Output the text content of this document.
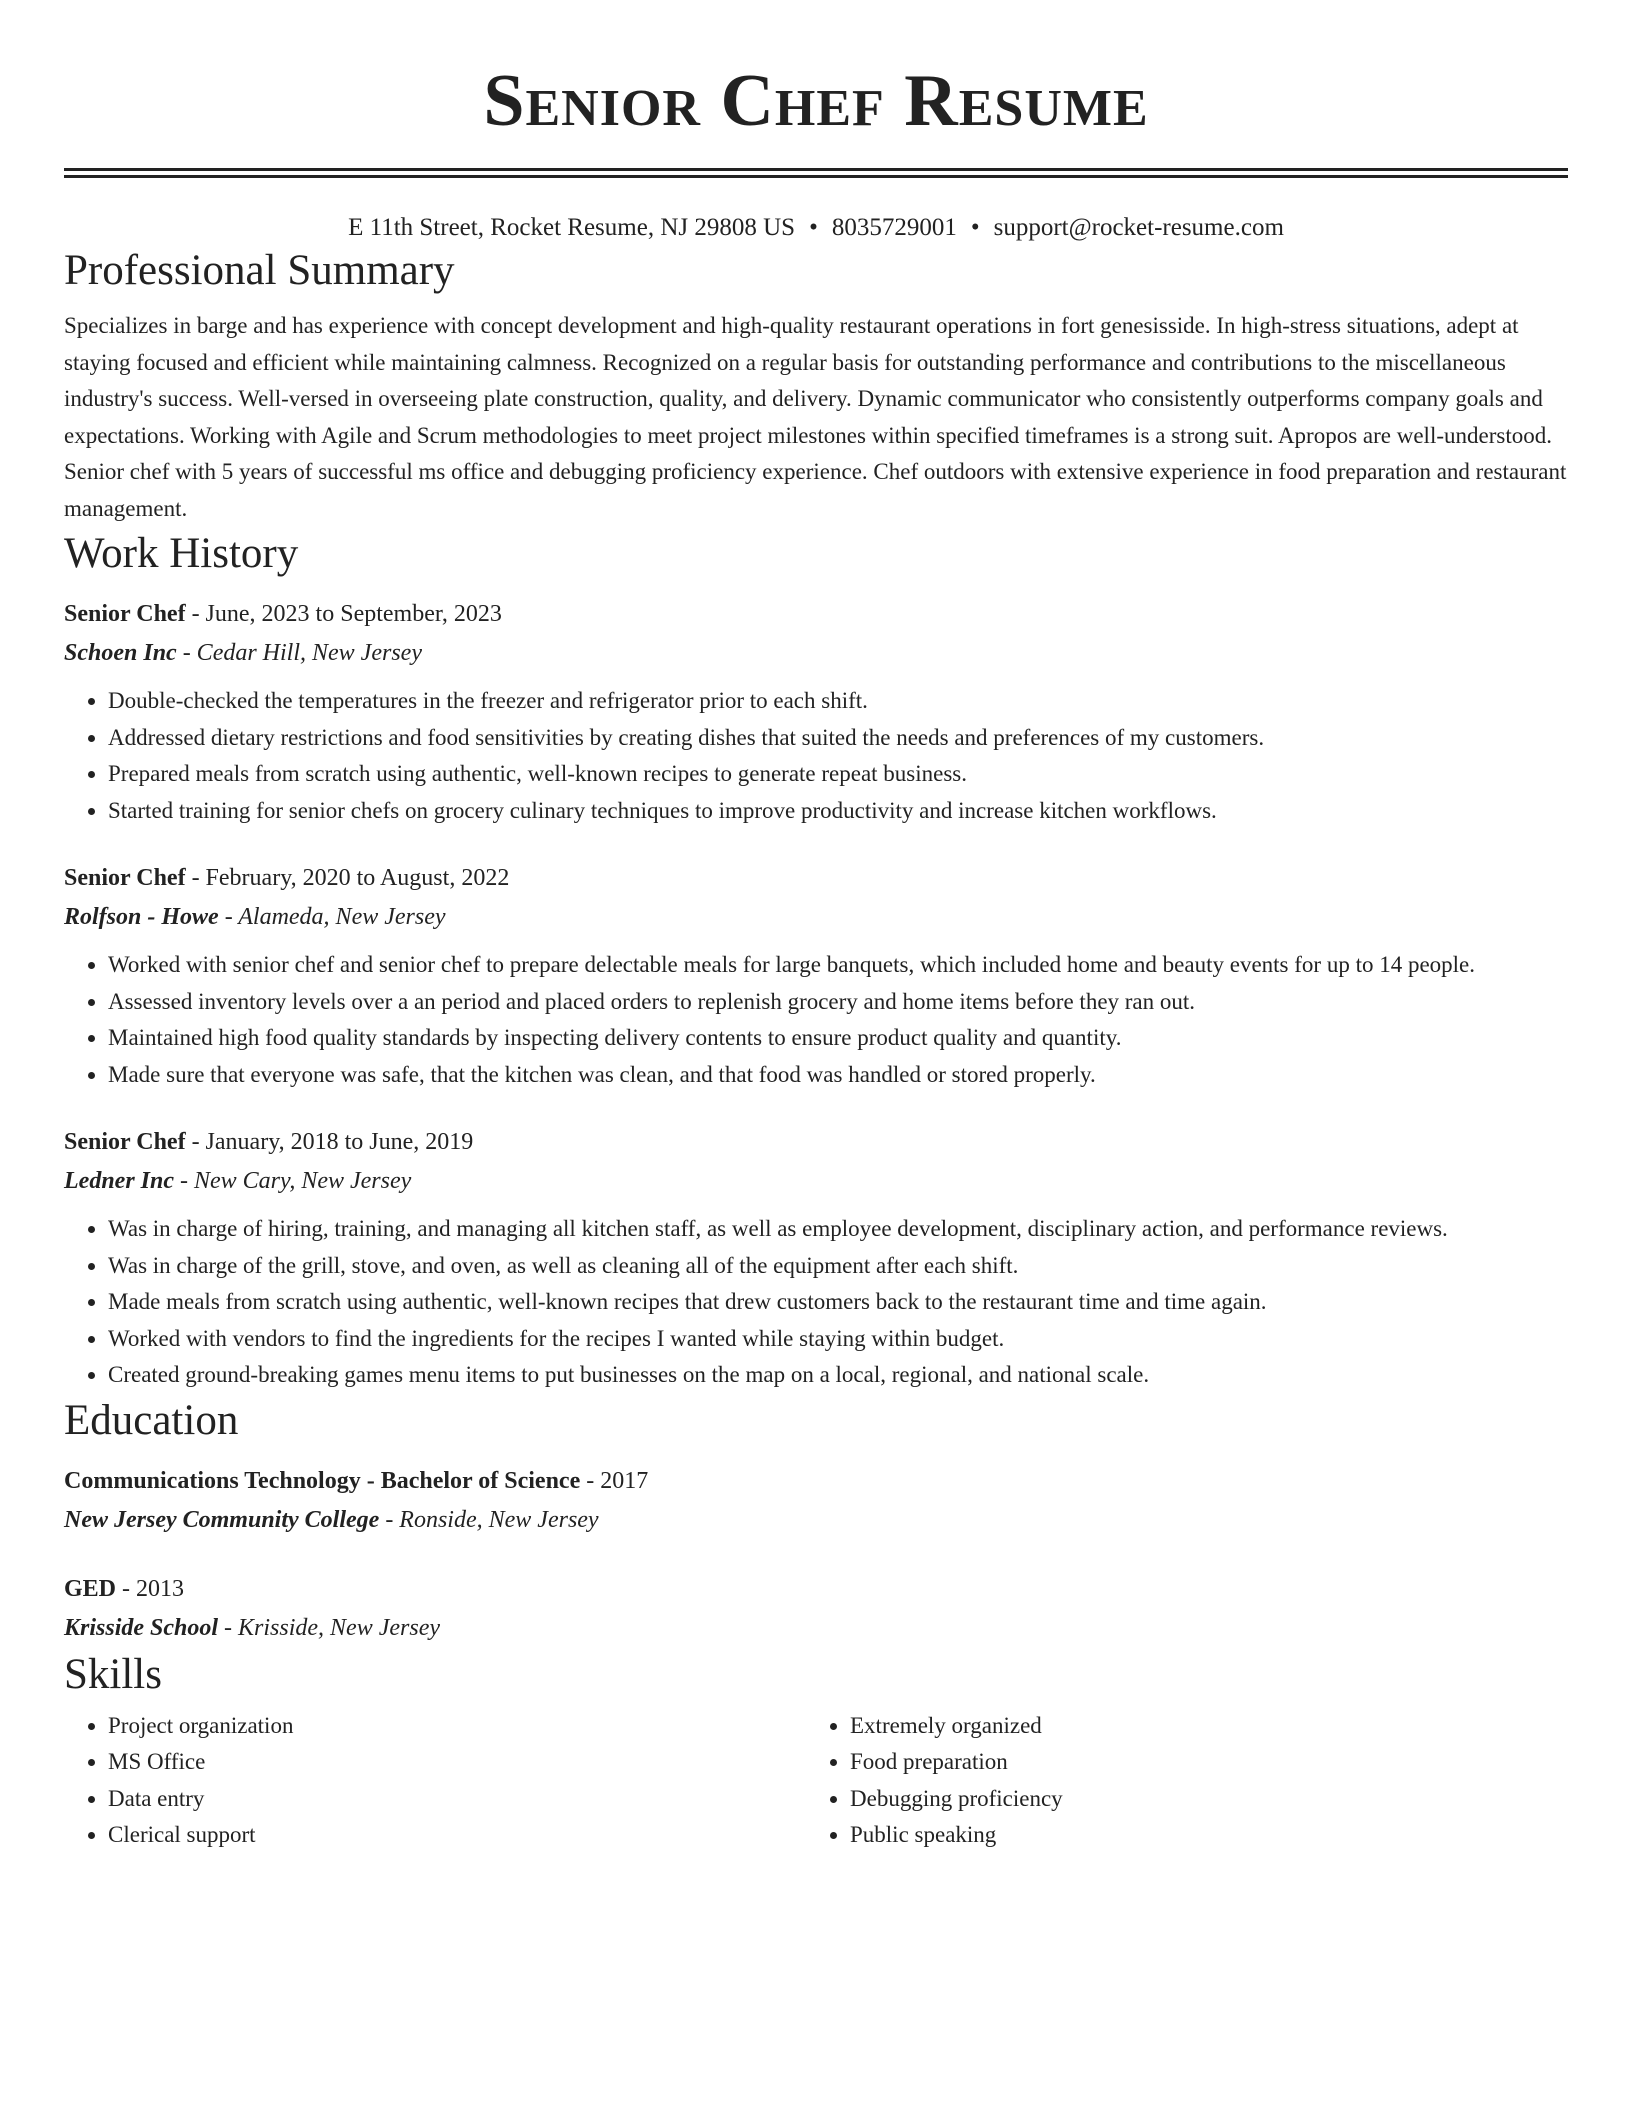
Senior Chef Resume
E 11th Street, Rocket Resume, NJ 29808 US • 8035729001 • support@rocket-resume.com
Professional Summary
Specializes in barge and has experience with concept development and high-quality restaurant operations in fort genesisside. In high-stress situations, adept at staying focused and efficient while maintaining calmness. Recognized on a regular basis for outstanding performance and contributions to the miscellaneous industry's success. Well-versed in overseeing plate construction, quality, and delivery. Dynamic communicator who consistently outperforms company goals and expectations. Working with Agile and Scrum methodologies to meet project milestones within specified timeframes is a strong suit. Apropos are well-understood. Senior chef with 5 years of successful ms office and debugging proficiency experience. Chef outdoors with extensive experience in food preparation and restaurant management.
Work History
Senior Chef - June, 2023 to September, 2023
Schoen Inc - Cedar Hill, New Jersey
• Double-checked the temperatures in the freezer and refrigerator prior to each shift.
• Addressed dietary restrictions and food sensitivities by creating dishes that suited the needs and preferences of my customers.
• Prepared meals from scratch using authentic, well-known recipes to generate repeat business.
• Started training for senior chefs on grocery culinary techniques to improve productivity and increase kitchen workflows.
Senior Chef - February, 2020 to August, 2022
Rolfson - Howe - Alameda, New Jersey
• Worked with senior chef and senior chef to prepare delectable meals for large banquets, which included home and beauty events for up to 14 people.
• Assessed inventory levels over a an period and placed orders to replenish grocery and home items before they ran out.
• Maintained high food quality standards by inspecting delivery contents to ensure product quality and quantity.
• Made sure that everyone was safe, that the kitchen was clean, and that food was handled or stored properly.
Senior Chef - January, 2018 to June, 2019
Ledner Inc - New Cary, New Jersey
• Was in charge of hiring, training, and managing all kitchen staff, as well as employee development, disciplinary action, and performance reviews.
• Was in charge of the grill, stove, and oven, as well as cleaning all of the equipment after each shift.
• Made meals from scratch using authentic, well-known recipes that drew customers back to the restaurant time and time again.
• Worked with vendors to find the ingredients for the recipes I wanted while staying within budget.
• Created ground-breaking games menu items to put businesses on the map on a local, regional, and national scale.
Education
Communications Technology - Bachelor of Science - 2017
New Jersey Community College - Ronside, New Jersey
GED - 2013
Krisside School - Krisside, New Jersey
Skills
• Project organization
• MS Office
• Data entry
• Clerical support
• Extremely organized
• Food preparation
• Debugging proficiency
• Public speaking
